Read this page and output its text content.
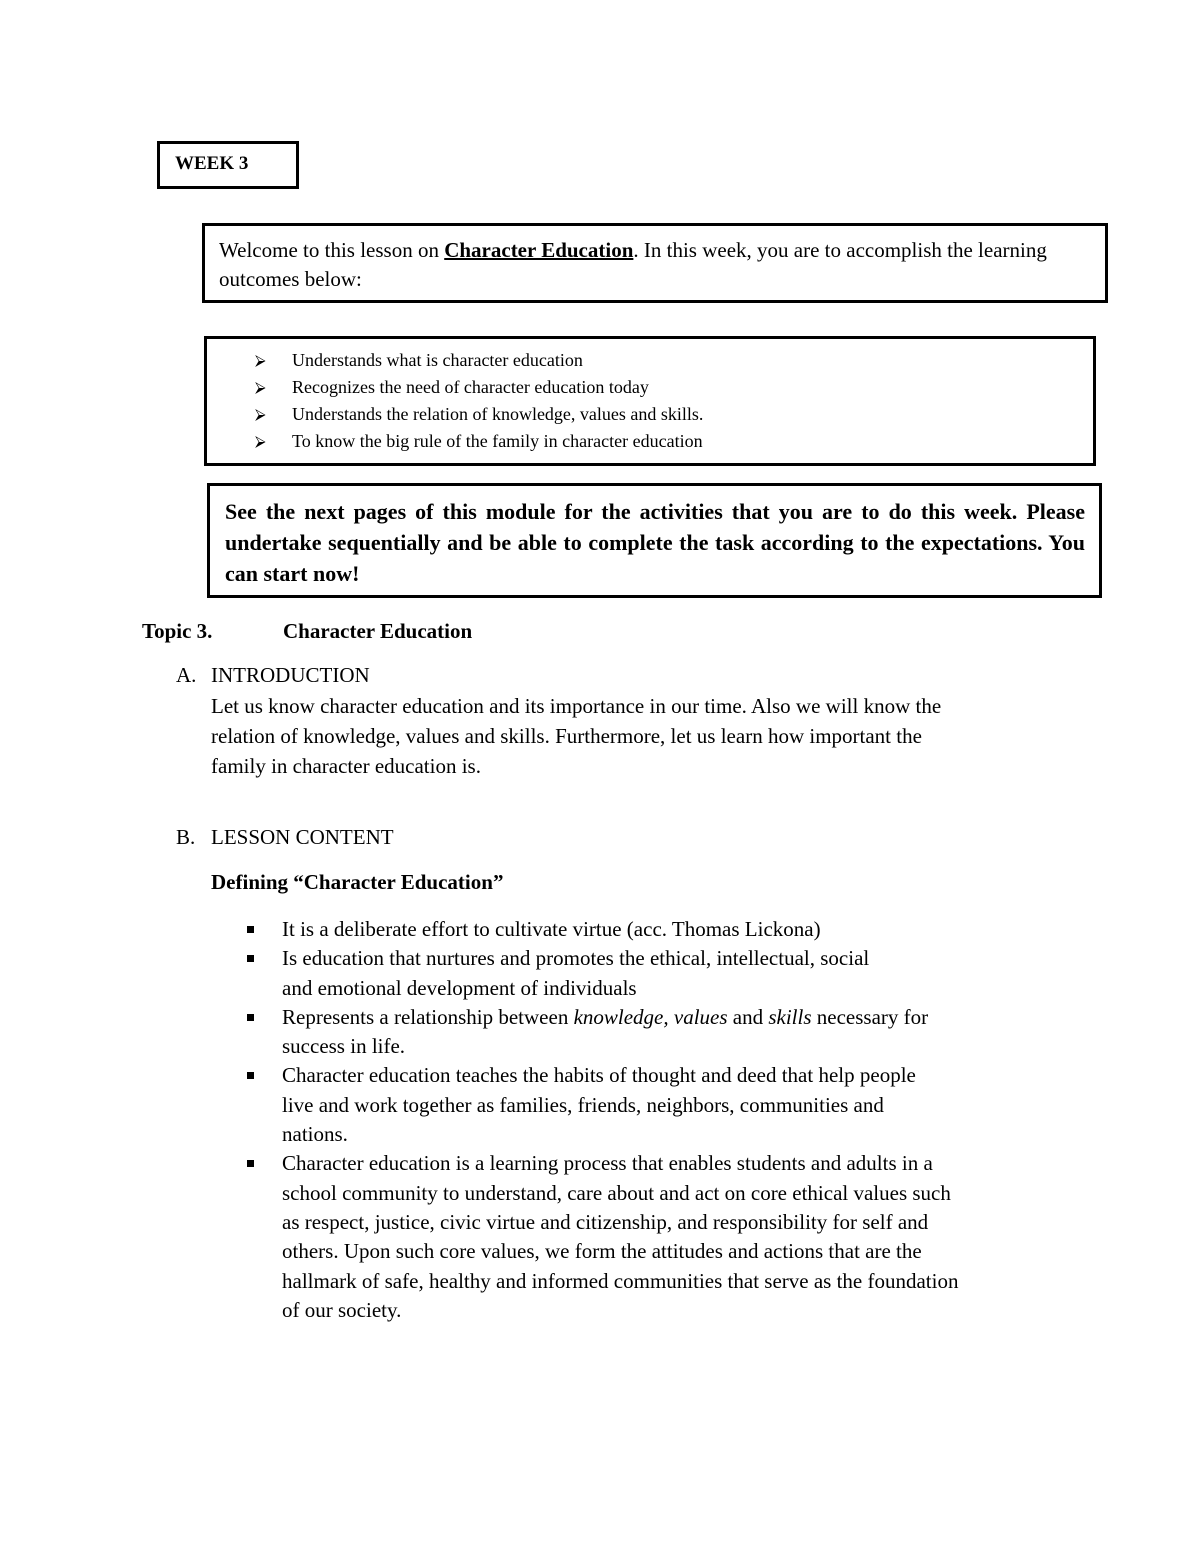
WEEK 3
Welcome to this lesson on Character Education. In this week, you are to accomplish the learning outcomes below:
⮚ Understands what is character education
⮚ Recognizes the need of character education today
⮚ Understands the relation of knowledge, values and skills.
⮚ To know the big rule of the family in character education
See the next pages of this module for the activities that you are to do this week. Please undertake sequentially and be able to complete the task according to the expectations. You can start now!
Topic 3.	Character Education
A. INTRODUCTION
Let us know character education and its importance in our time. Also we will know the
relation of knowledge, values and skills. Furthermore, let us learn how important the
family in character education is.
B. LESSON CONTENT
Defining “Character Education”
It is a deliberate effort to cultivate virtue (acc. Thomas Lickona)
Is education that nurtures and promotes the ethical, intellectual, social
and emotional development of individuals
Represents a relationship between knowledge, values and skills necessary for
success in life.
Character education teaches the habits of thought and deed that help people
live and work together as families, friends, neighbors, communities and
nations.
Character education is a learning process that enables students and adults in a
school community to understand, care about and act on core ethical values such
as respect, justice, civic virtue and citizenship, and responsibility for self and
others. Upon such core values, we form the attitudes and actions that are the
hallmark of safe, healthy and informed communities that serve as the foundation
of our society.
